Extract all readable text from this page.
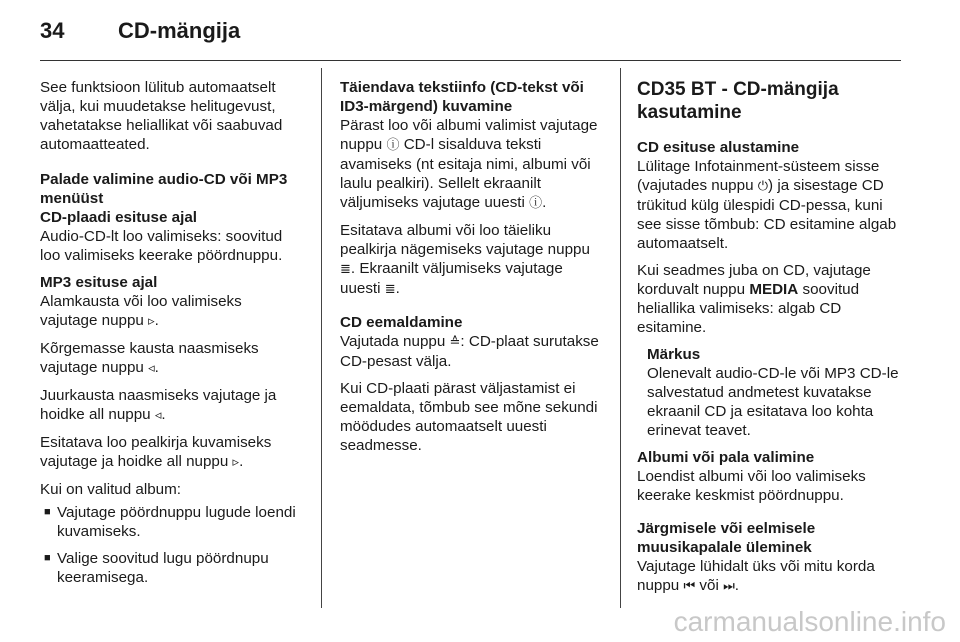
34 CD-mängija

See funktsioon lülitub automaatselt välja, kui muudetakse helitugevust, vahetatakse heliallikat või saabuvad automaatteated.

Palade valimine audio-CD või MP3 menüüst

CD-plaadi esituse ajal

Audio-CD-lt loo valimiseks: soovitud loo valimiseks keerake pöördnuppu.

MP3 esituse ajal

Alamkausta või loo valimiseks vajutage nuppu ▹.

Kõrgemasse kausta naasmiseks vajutage nuppu ◃.

Juurkausta naasmiseks vajutage ja hoidke all nuppu ◃.

Esitatava loo pealkirja kuvamiseks vajutage ja hoidke all nuppu ▹.

Kui on valitud album:

■ Vajutage pöördnuppu lugude loendi kuvamiseks.
■ Valige soovitud lugu pöördnupu keeramisega.

Täiendava tekstiinfo (CD-tekst või ID3-märgend) kuvamine

Pärast loo või albumi valimist vajutage nuppu ⓘ CD-l sisalduva teksti avamiseks (nt esitaja nimi, albumi või laulu pealkiri). Sellelt ekraanilt väljumiseks vajutage uuesti ⓘ.

Esitatava albumi või loo täieliku pealkirja nägemiseks vajutage nuppu ≣. Ekraanilt väljumiseks vajutage uuesti ≣.

CD eemaldamine

Vajutada nuppu ≙: CD-plaat surutakse CD-pesast välja.

Kui CD-plaati pärast väljastamist ei eemaldata, tõmbub see mõne sekundi möödudes automaatselt uuesti seadmesse.

CD35 BT - CD-mängija kasutamine

CD esituse alustamine

Lülitage Infotainment-süsteem sisse (vajutades nuppu ⏻) ja sisestage CD trükitud külg ülespidi CD-pessa, kuni see sisse tõmbub: CD esitamine algab automaatselt.

Kui seadmes juba on CD, vajutage korduvalt nuppu MEDIA soovitud heliallika valimiseks: algab CD esitamine.

Märkus

Olenevalt audio-CD-le või MP3 CD-le salvestatud andmetest kuvatakse ekraanil CD ja esitatava loo kohta erinevat teavet.

Albumi või pala valimine

Loendist albumi või loo valimiseks keerake keskmist pöördnuppu.

Järgmisele või eelmisele muusikapalale üleminek

Vajutage lühidalt üks või mitu korda nuppu ⏮ või ⏭.

carmanualsonline.info
